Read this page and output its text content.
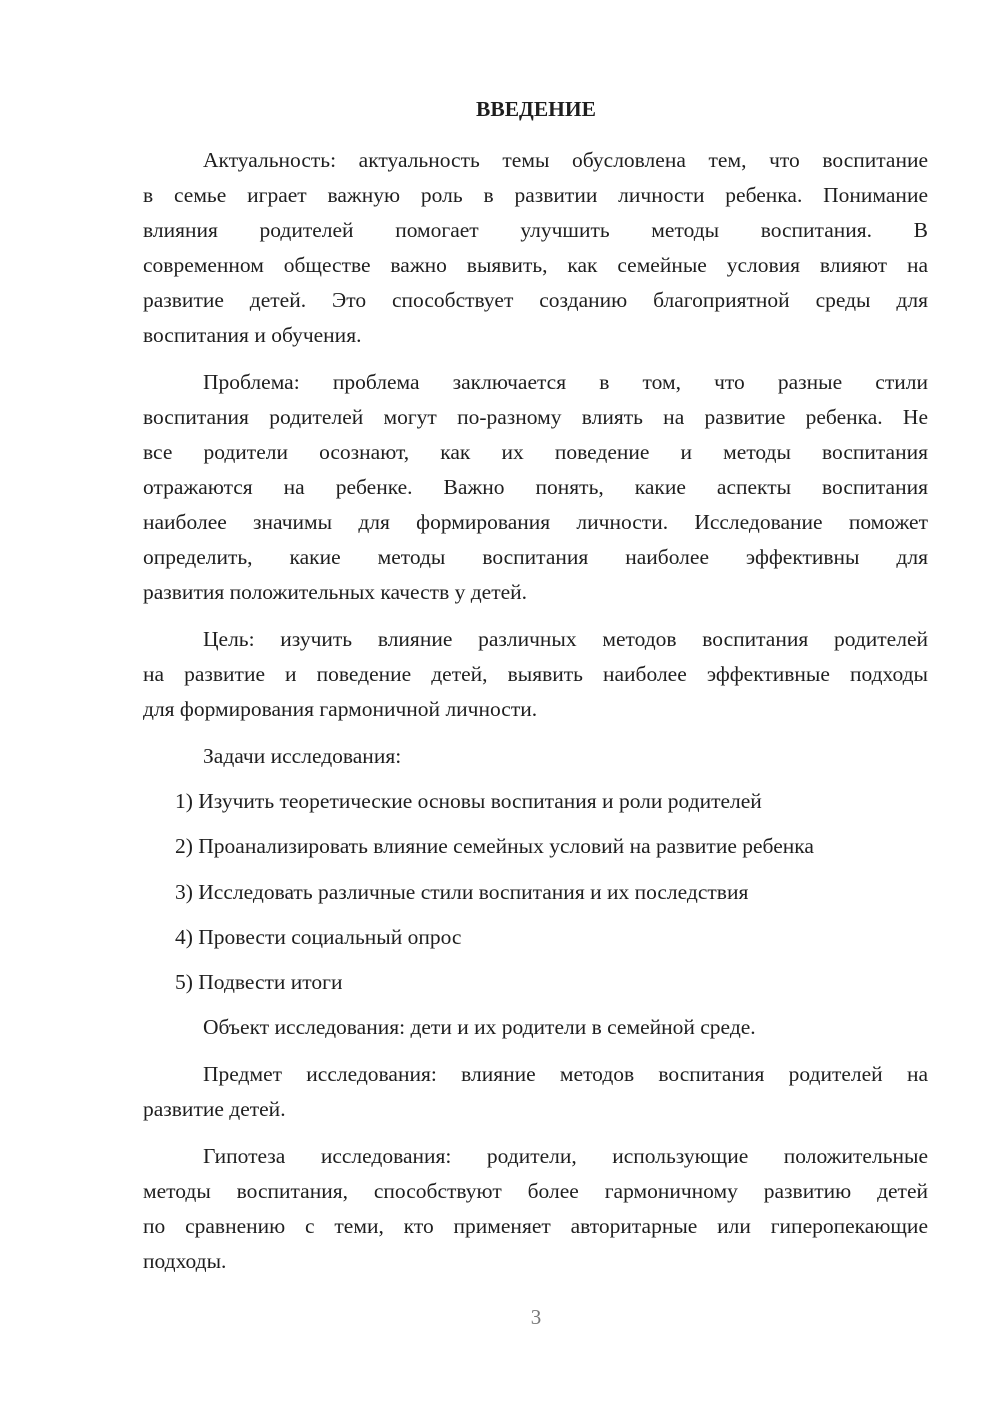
ВВЕДЕНИЕ
Актуальность: актуальность темы обусловлена тем, что воспитание
в семье играет важную роль в развитии личности ребенка. Понимание
влияния родителей помогает улучшить методы воспитания. В
современном обществе важно выявить, как семейные условия влияют на
развитие детей. Это способствует созданию благоприятной среды для
воспитания и обучения.
Проблема: проблема заключается в том, что разные стили
воспитания родителей могут по-разному влиять на развитие ребенка. Не
все родители осознают, как их поведение и методы воспитания
отражаются на ребенке. Важно понять, какие аспекты воспитания
наиболее значимы для формирования личности. Исследование поможет
определить, какие методы воспитания наиболее эффективны для
развития положительных качеств у детей.
Цель: изучить влияние различных методов воспитания родителей
на развитие и поведение детей, выявить наиболее эффективные подходы
для формирования гармоничной личности.
Задачи исследования:
1) Изучить теоретические основы воспитания и роли родителей
2) Проанализировать влияние семейных условий на развитие ребенка
3) Исследовать различные стили воспитания и их последствия
4) Провести социальный опрос
5) Подвести итоги
Объект исследования: дети и их родители в семейной среде.
Предмет исследования: влияние методов воспитания родителей на
развитие детей.
Гипотеза исследования: родители, использующие положительные
методы воспитания, способствуют более гармоничному развитию детей
по сравнению с теми, кто применяет авторитарные или гиперопекающие
подходы.
3
